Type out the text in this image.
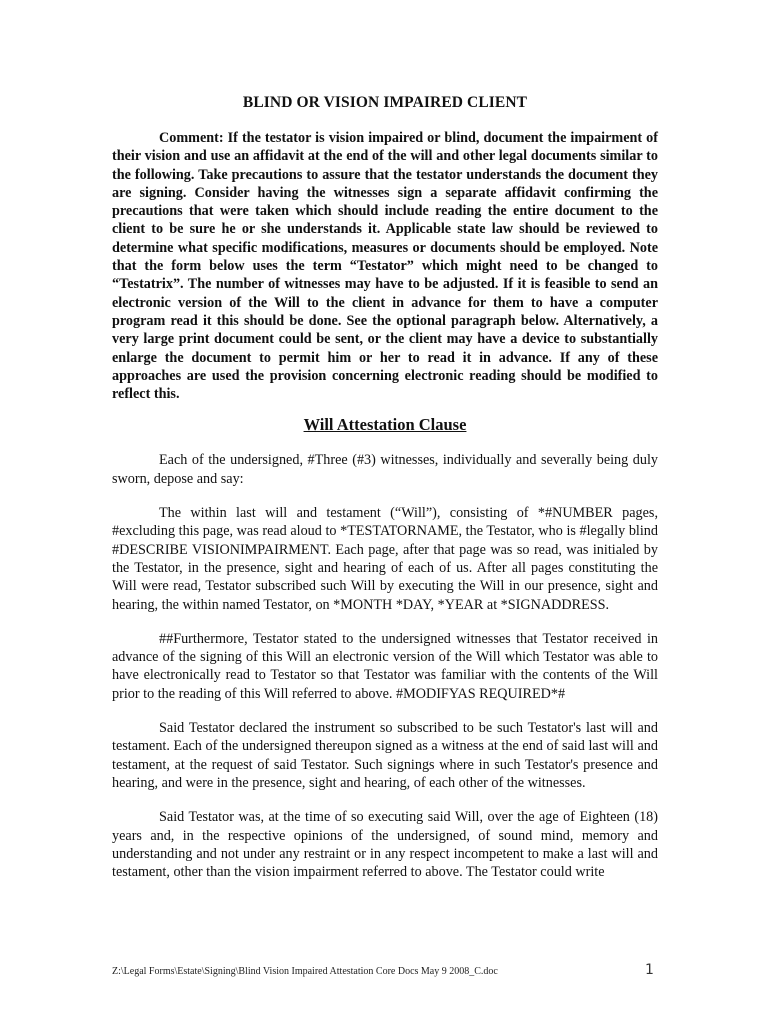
BLIND OR VISION IMPAIRED CLIENT

Comment: If the testator is vision impaired or blind, document the impairment of their vision and use an affidavit at the end of the will and other legal documents similar to the following. Take precautions to assure that the testator understands the document they are signing. Consider having the witnesses sign a separate affidavit confirming the precautions that were taken which should include reading the entire document to the client to be sure he or she understands it. Applicable state law should be reviewed to determine what specific modifications, measures or documents should be employed. Note that the form below uses the term “Testator” which might need to be changed to “Testatrix”. The number of witnesses may have to be adjusted. If it is feasible to send an electronic version of the Will to the client in advance for them to have a computer program read it this should be done. See the optional paragraph below. Alternatively, a very large print document could be sent, or the client may have a device to substantially enlarge the document to permit him or her to read it in advance. If any of these approaches are used the provision concerning electronic reading should be modified to reflect this.

Will Attestation Clause

Each of the undersigned, #Three (#3) witnesses, individually and severally being duly sworn, depose and say:

The within last will and testament (“Will”), consisting of *#NUMBER pages, #excluding this page, was read aloud to *TESTATORNAME, the Testator, who is #legally blind #DESCRIBE VISIONIMPAIRMENT. Each page, after that page was so read, was initialed by the Testator, in the presence, sight and hearing of each of us. After all pages constituting the Will were read, Testator subscribed such Will by executing the Will in our presence, sight and hearing, the within named Testator, on *MONTH *DAY, *YEAR at *SIGNADDRESS.

##Furthermore, Testator stated to the undersigned witnesses that Testator received in advance of the signing of this Will an electronic version of the Will which Testator was able to have electronically read to Testator so that Testator was familiar with the contents of the Will prior to the reading of this Will referred to above. #MODIFYAS REQUIRED*#

Said Testator declared the instrument so subscribed to be such Testator's last will and testament. Each of the undersigned thereupon signed as a witness at the end of said last will and testament, at the request of said Testator. Such signings where in such Testator's presence and hearing, and were in the presence, sight and hearing, of each other of the witnesses.

Said Testator was, at the time of so executing said Will, over the age of Eighteen (18) years and, in the respective opinions of the undersigned, of sound mind, memory and understanding and not under any restraint or in any respect incompetent to make a last will and testament, other than the vision impairment referred to above. The Testator could write

Z:\Legal Forms\Estate\Signing\Blind Vision Impaired Attestation Core Docs May 9 2008_C.doc	1
